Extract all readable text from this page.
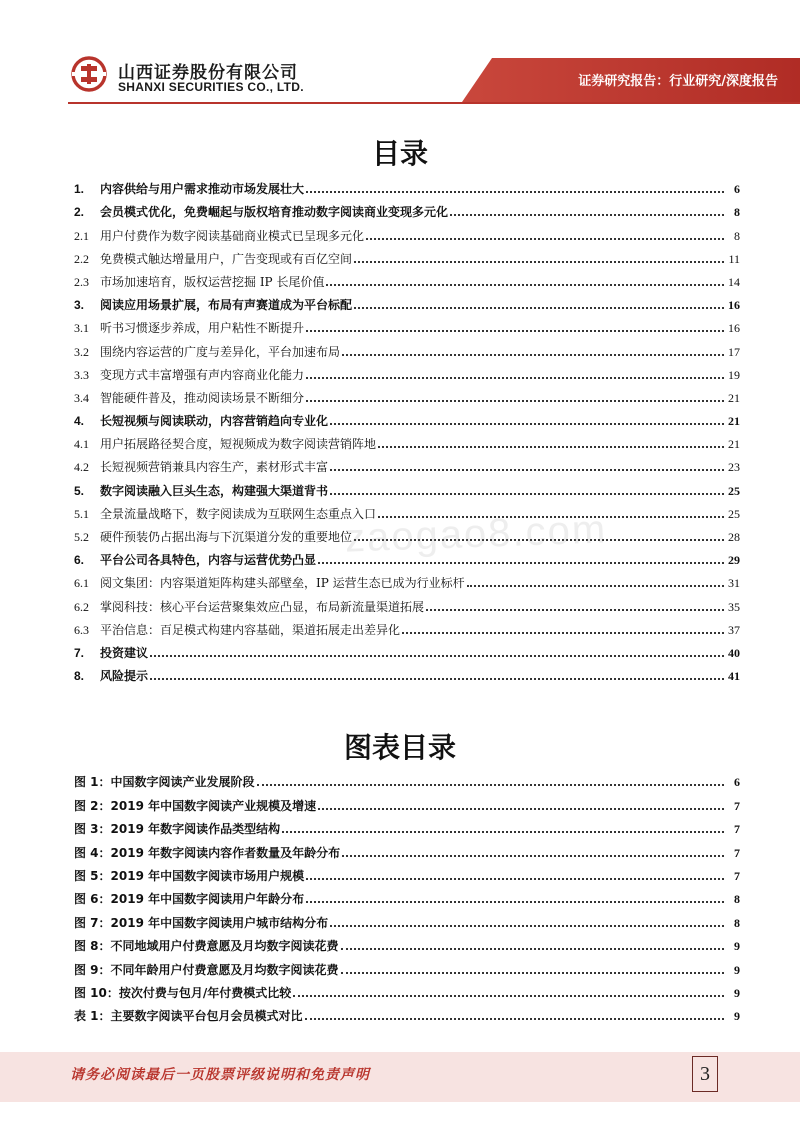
山西证券股份有限公司
SHANXI SECURITIES CO., LTD.	证券研究报告：行业研究/深度报告
目录
1.	内容供给与用户需求推动市场发展壮大	6
2.	会员模式优化，免费崛起与版权培育推动数字阅读商业变现多元化	8
2.1 用户付费作为数字阅读基础商业模式已呈现多元化	8
2.2 免费模式触达增量用户，广告变现或有百亿空间	11
2.3 市场加速培育，版权运营挖掘 IP 长尾价值	14
3.	阅读应用场景扩展，布局有声赛道成为平台标配	16
3.1 听书习惯逐步养成，用户粘性不断提升	16
3.2 围绕内容运营的广度与差异化，平台加速布局	17
3.3 变现方式丰富增强有声内容商业化能力	19
3.4 智能硬件普及，推动阅读场景不断细分	21
4.	长短视频与阅读联动，内容营销趋向专业化	21
4.1 用户拓展路径契合度，短视频成为数字阅读营销阵地	21
4.2 长短视频营销兼具内容生产，素材形式丰富	23
5.	数字阅读融入巨头生态，构建强大渠道背书	25
5.1 全景流量战略下，数字阅读成为互联网生态重点入口	25
5.2 硬件预装仍占据出海与下沉渠道分发的重要地位	28
6.	平台公司各具特色，内容与运营优势凸显	29
6.1 阅文集团：内容渠道矩阵构建头部壁垒，IP 运营生态已成为行业标杆	31
6.2 掌阅科技：核心平台运营聚集效应凸显，布局新流量渠道拓展	35
6.3 平治信息：百足模式构建内容基础，渠道拓展走出差异化	37
7.	投资建议	40
8.	风险提示	41
图表目录
图 1： 中国数字阅读产业发展阶段	6
图 2： 2019 年中国数字阅读产业规模及增速	7
图 3： 2019 年数字阅读作品类型结构	7
图 4： 2019 年数字阅读内容作者数量及年龄分布	7
图 5： 2019 年中国数字阅读市场用户规模	7
图 6： 2019 年中国数字阅读用户年龄分布	8
图 7： 2019 年中国数字阅读用户城市结构分布	8
图 8： 不同地域用户付费意愿及月均数字阅读花费	9
图 9： 不同年龄用户付费意愿及月均数字阅读花费	9
图 10： 按次付费与包月/年付费模式比较	9
表 1： 主要数字阅读平台包月会员模式对比	9
zaogao8.com
请务必阅读最后一页股票评级说明和免责声明	3
